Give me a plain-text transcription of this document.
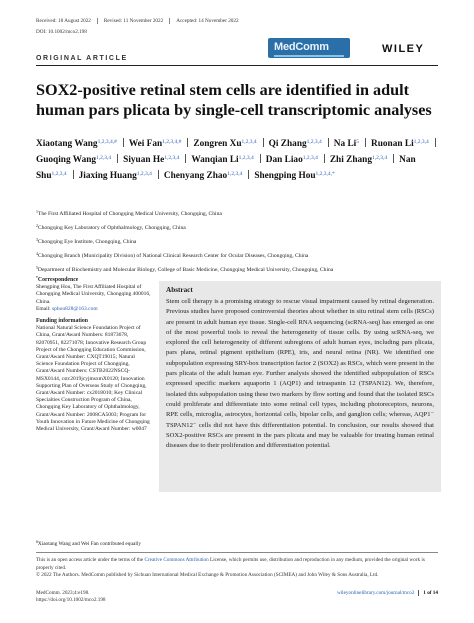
Received: 18 August 2022	Revised: 11 November 2022	Accepted: 14 November 2022
DOI: 10.1002/mco2.198
MedComm	WILEY
ORIGINAL ARTICLE
SOX2-positive retinal stem cells are identified in adult human pars plicata by single-cell transcriptomic analyses
Xiaotang Wang$^{1,2,3,4,\#}$ Wei Fan$^{1,2,3,4,\#}$ Zongren Xu$^{1,2,3,4}$ Qi Zhang$^{1,2,3,4}$ Na Li$^5$ Ruonan Li$^{1,2,3,4}$Guoqing Wang$^{1,2,3,4}$ Siyuan He$^{1,2,3,4}$ Wanqian Li$^{1,2,3,4}$ Dan Liao$^{1,2,3,4}$ Zhi Zhang$^{1,2,3,4}$ Nan Shu$^{1,2,3,4}$ Jiaxing Huang$^{1,2,3,4}$ Chenyang Zhao$^{1,2,3,4}$ Shengping Hou$^{1,2,3,4,*}$
$^1$The First Affiliated Hospital of Chongqing Medical University, Chongqing, China
$^2$Chongqing Key Laboratory of Ophthalmology, Chongqing, China
$^3$Chongqing Eye Institute, Chongqing, China
$^4$Chongqing Branch (Municipality Division) of National Clinical Research Center for Ocular Diseases, Chongqing, China
$^5$Department of Biochemistry and Molecular Biology, College of Basic Medicine, Chongqing Medical University, Chongqing, China
*Correspondence
Shengping Hou, The First Affiliated Hospital of Chongqing Medical University, Chongqing 400016, China.
Email: sphou828@163.com
Funding information
National Natural Science Foundation Project of China, Grant/Award Numbers: 81873678, 82070951, 82271078; Innovative Research Group Project of the Chongqing Education Commission, Grant/Award Number: CXQT19015; Natural Science Foundation Project of Chongqing, Grant/Award Numbers: CSTB2022NSCQ-MSX0144, cstc2019jcyjmsxmX0120; Innovation Supporting Plan of Overseas Study of Chongqing, Grant/Award Number: cx2018010; Key Clinical Specialties Construction Program of China, Chongqing Key Laboratory of Ophthalmology, Grant/Award Number: 2008CA5003; Program for Youth Innovation in Future Medicine of Chongqing Medical University, Grant/Award Number: w0047
Abstract
Stem cell therapy is a promising strategy to rescue visual impairment caused by retinal degeneration. Previous studies have proposed controversial theories about whether in situ retinal stem cells (RSCs) are present in adult human eye tissue. Single-cell RNA sequencing (scRNA-seq) has emerged as one of the most powerful tools to reveal the heterogeneity of tissue cells. By using scRNA-seq, we explored the cell heterogeneity of different subregions of adult human eyes, including pars plicata, pars plana, retinal pigment epithelium (RPE), iris, and neural retina (NR). We identified one subpopulation expressing SRY-box transcription factor 2 (SOX2) as RSCs, which were present in the pars plicata of the adult human eye. Further analysis showed the identified subpopulation of RSCs expressed specific markers aquaporin 1 (AQP1) and tetraspanin 12 (TSPAN12). We, therefore, isolated this subpopulation using these two markers by flow sorting and found that the isolated RSCs could proliferate and differentiate into some retinal cell types, including photoreceptors, neurons, RPE cells, microglia, astrocytes, horizontal cells, bipolar cells, and ganglion cells; whereas, AQP1⁻ TSPAN12⁻ cells did not have this differentiation potential. In conclusion, our results showed that SOX2-positive RSCs are present in the pars plicata and may be valuable for treating human retinal diseases due to their proliferation and differentiation potential.
#Xiaotang Wang and Wei Fan contributed equally
This is an open access article under the terms of the Creative Commons Attribution License, which permits use, distribution and reproduction in any medium, provided the original work is properly cited.
© 2022 The Authors. MedComm published by Sichuan International Medical Exchange & Promotion Association (SCIMEA) and John Wiley & Sons Australia, Ltd.
MedComm. 2023;4:e198.
https://doi.org/10.1002/mco2.198
wileyonlinelibrary.com/journal/mco2 1 of 14
